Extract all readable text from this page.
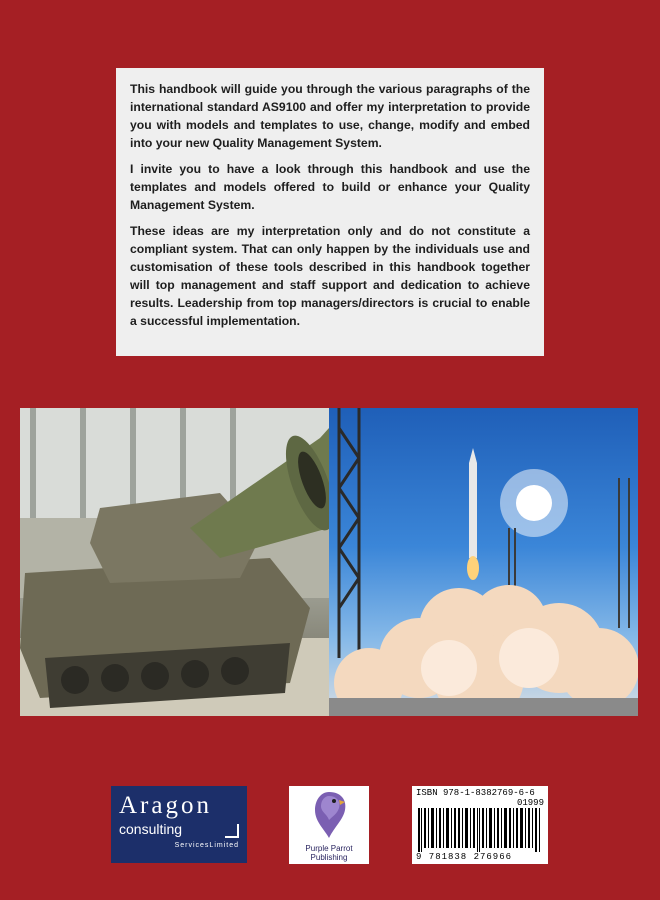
This handbook will guide you through the various paragraphs of the international standard AS9100 and offer my interpretation to provide you with models and templates to use, change, modify and embed into your new Quality Management System.

I invite you to have a look through this handbook and use the templates and models offered to build or enhance your Quality Management System.

These ideas are my interpretation only and do not constitute a compliant system. That can only happen by the individuals use and customisation of these tools described in this handbook together will top management and staff support and dedication to achieve results. Leadership from top managers/directors is crucial to enable a successful implementation.

Aragon
consulting
ServicesLimited	Purple Parrot
Publishing
ISBN 978-1-8382769-6-6
01999
9 781838 276966
